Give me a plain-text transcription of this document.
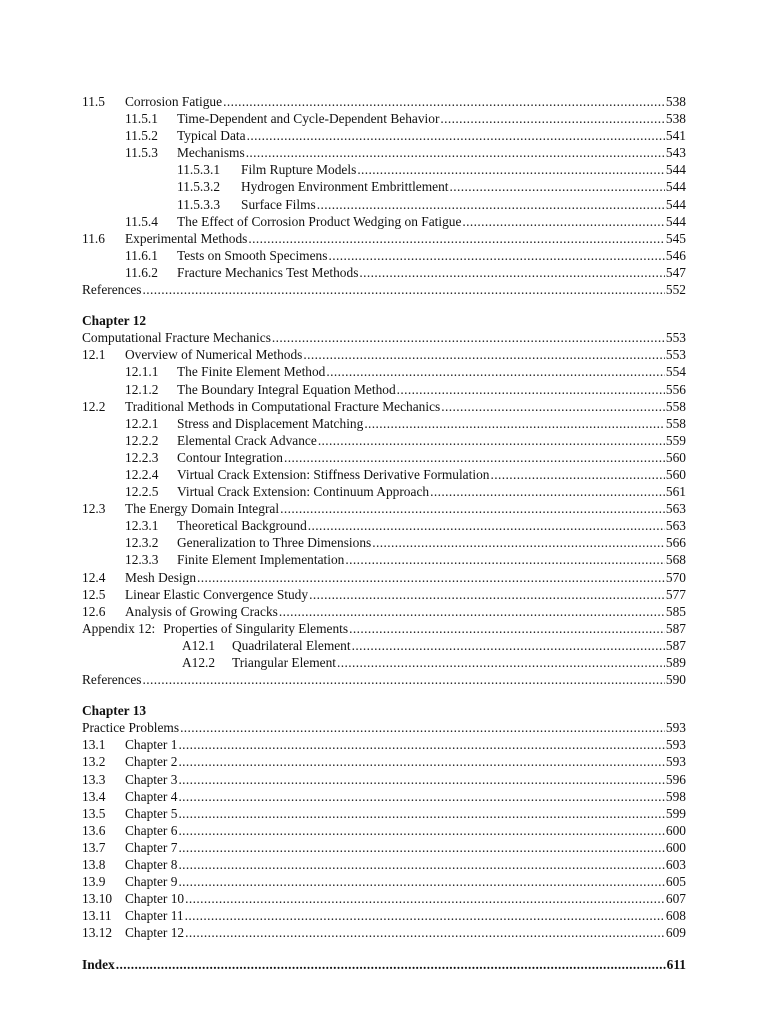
11.5	Corrosion Fatigue .....	538
11.5.1	Time-Dependent and Cycle-Dependent Behavior .....	538
11.5.2	Typical Data .....	541
11.5.3	Mechanisms .....	543
11.5.3.1	Film Rupture Models .....	544
11.5.3.2	Hydrogen Environment Embrittlement .....	544
11.5.3.3	Surface Films .....	544
11.5.4	The Effect of Corrosion Product Wedging on Fatigue .....	544
11.6	Experimental Methods .....	545
11.6.1	Tests on Smooth Specimens .....	546
11.6.2	Fracture Mechanics Test Methods .....	547
References .....	552
Chapter 12
Computational Fracture Mechanics .....	553
12.1	Overview of Numerical Methods .....	553
12.1.1	The Finite Element Method .....	554
12.1.2	The Boundary Integral Equation Method .....	556
12.2	Traditional Methods in Computational Fracture Mechanics .....	558
12.2.1	Stress and Displacement Matching .....	558
12.2.2	Elemental Crack Advance .....	559
12.2.3	Contour Integration .....	560
12.2.4	Virtual Crack Extension: Stiffness Derivative Formulation .....	560
12.2.5	Virtual Crack Extension: Continuum Approach .....	561
12.3	The Energy Domain Integral .....	563
12.3.1	Theoretical Background .....	563
12.3.2	Generalization to Three Dimensions .....	566
12.3.3	Finite Element Implementation .....	568
12.4	Mesh Design .....	570
12.5	Linear Elastic Convergence Study .....	577
12.6	Analysis of Growing Cracks .....	585
Appendix 12: Properties of Singularity Elements .....	587
A12.1	Quadrilateral Element .....	587
A12.2	Triangular Element .....	589
References .....	590
Chapter 13
Practice Problems .....	593
13.1	Chapter 1 .....	593
13.2	Chapter 2 .....	593
13.3	Chapter 3 .....	596
13.4	Chapter 4 .....	598
13.5	Chapter 5 .....	599
13.6	Chapter 6 .....	600
13.7	Chapter 7 .....	600
13.8	Chapter 8 .....	603
13.9	Chapter 9 .....	605
13.10 Chapter 10 .....	607
13.11 Chapter 11 .....	608
13.12 Chapter 12 .....	609
Index .....	611
